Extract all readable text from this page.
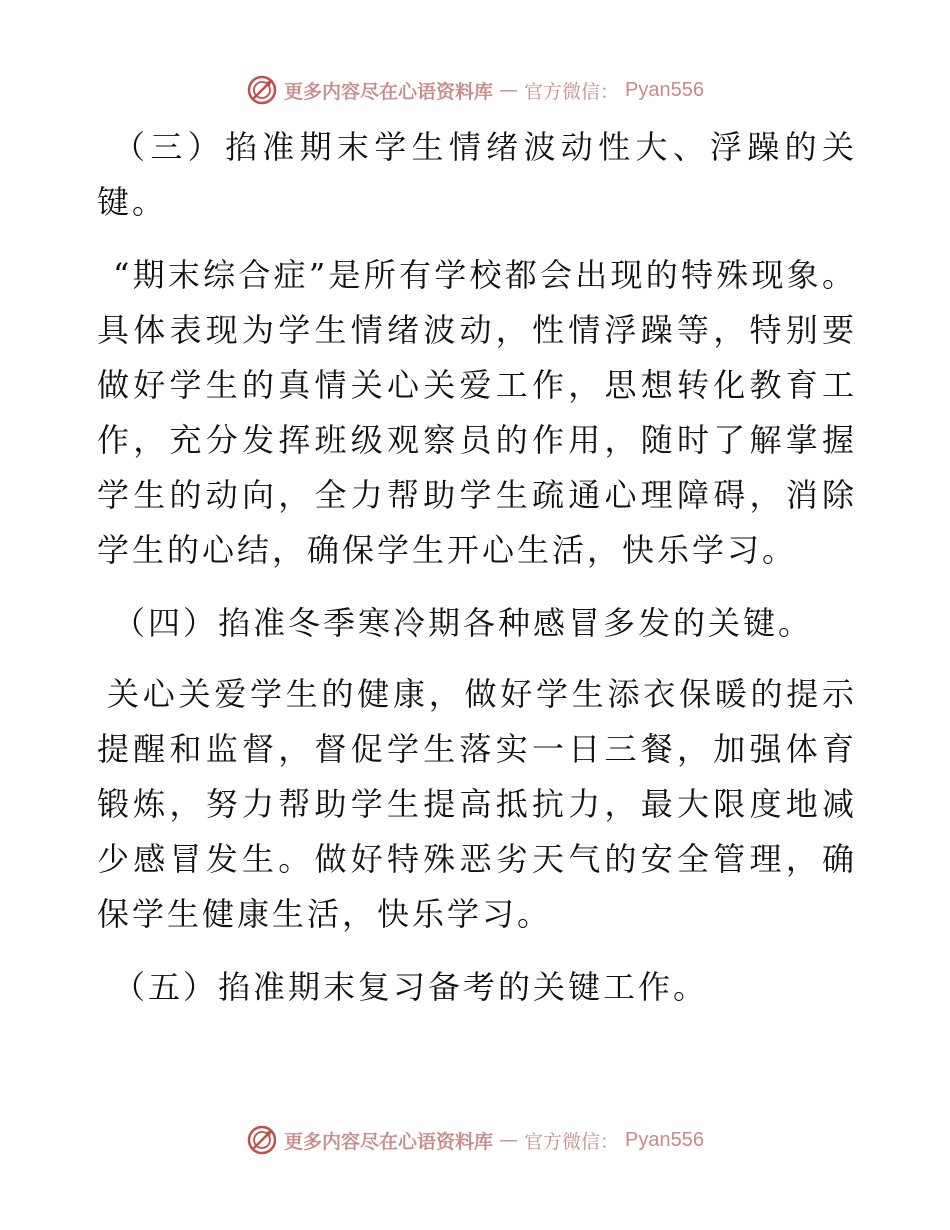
更多内容尽在心语资料库 — 官方微信： Pyan556

（三）掐准期末学生情绪波动性大、浮躁的关键。

“期末综合症”是所有学校都会出现的特殊现象。具体表现为学生情绪波动，性情浮躁等，特别要做好学生的真情关心关爱工作，思想转化教育工作，充分发挥班级观察员的作用，随时了解掌握学生的动向，全力帮助学生疏通心理障碍，消除学生的心结，确保学生开心生活，快乐学习。

（四）掐准冬季寒冷期各种感冒多发的关键。

关心关爱学生的健康，做好学生添衣保暖的提示提醒和监督，督促学生落实一日三餐，加强体育锻炼，努力帮助学生提高抵抗力，最大限度地减少感冒发生。做好特殊恶劣天气的安全管理，确保学生健康生活，快乐学习。

（五）掐准期末复习备考的关键工作。

更多内容尽在心语资料库 — 官方微信： Pyan556
